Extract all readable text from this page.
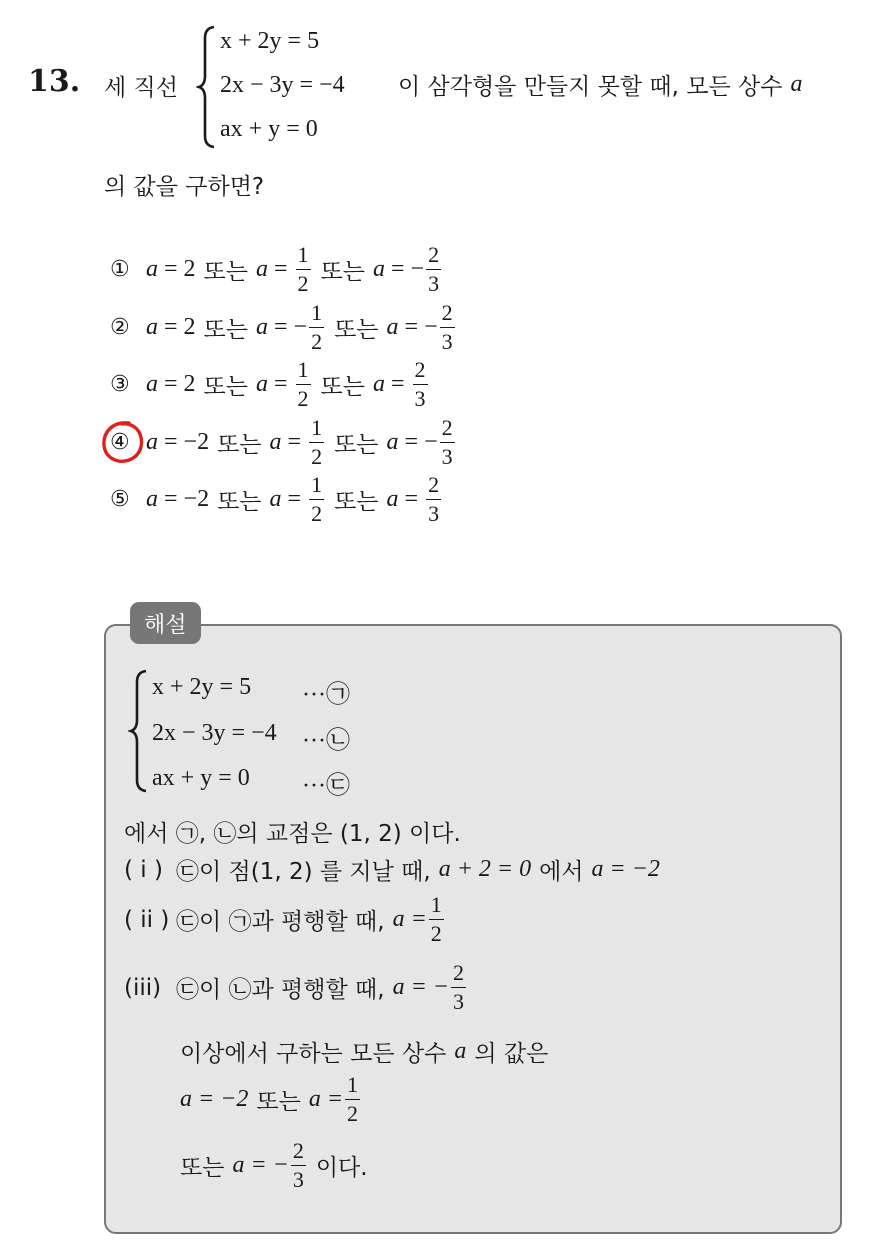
13. 세 직선
x + 2y = 5
2x − 3y = −4
ax + y = 0
이 삼각형을 만들지 못할 때, 모든 상수 a
의 값을 구하면?
① a = 2 또는 $a = \frac{1}{2}$ 또는 a = − $\frac{2}{3}$
② a = 2 또는 a = − $\frac{1}{2}$ 또는 a = − $\frac{2}{3}$
③ a = 2 또는 $a = \frac{1}{2}$ 또는 $a = \frac{2}{3}$
④ a = −2 또는 $a = \frac{1}{2}$ 또는 a = − $\frac{2}{3}$
⑤ a = −2 또는 $a = \frac{1}{2}$ 또는 $a = \frac{2}{3}$
해설
x + 2y = 5
2x − 3y = −4
ax + y = 0
···㉠
···㉡
···㉢
에서 ㉠, ㉡의 교점은 (1, 2) 이다.
( i ) ㉢이 점(1, 2) 를 지날 때, a + 2 = 0 에서 a = −2
( ii ) ㉢이 ㉠과 평행할 때, $a = \frac{1}{2}$
(iii) ㉢이 ㉡과 평행할 때, a = − $\frac{2}{3}$
이상에서 구하는 모든 상수 a 의 값은
a = −2 또는 $a = \frac{1}{2}$
또는 a = − $\frac{2}{3}$ 이다.
